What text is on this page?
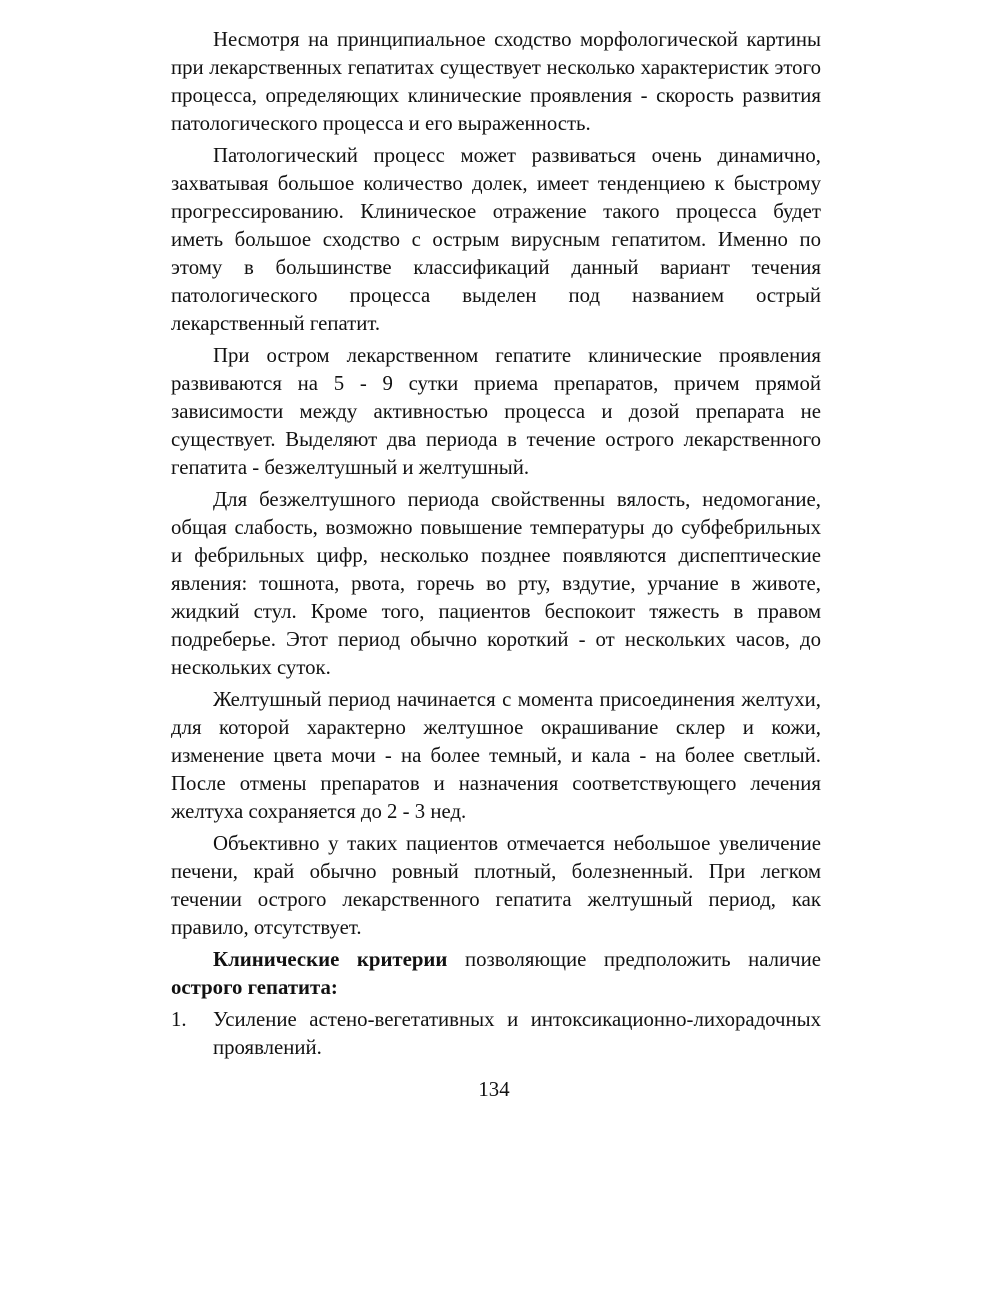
Несмотря на принципиальное сходство морфологической картины при лекарственных гепатитах существует несколько характеристик этого процесса, определяющих клинические проявления - скорость развития патологического процесса и его выраженность.

Патологический процесс может развиваться очень динамично, захватывая большое количество долек, имеет тенденциею к быстрому прогрессированию. Клиническое отражение такого процесса будет иметь большое сходство с острым вирусным гепатитом. Именно по этому в большинстве классификаций данный вариант течения патологического процесса выделен под названием острый лекарственный гепатит.

При остром лекарственном гепатите клинические проявления развиваются на 5 - 9 сутки приема препаратов, причем прямой зависимости между активностью процесса и дозой препарата не существует. Выделяют два периода в течение острого лекарственного гепатита - безжелтушный и желтушный.

Для безжелтушного периода свойственны вялость, недомогание, общая слабость, возможно повышение температуры до субфебрильных и фебрильных цифр, несколько позднее появляются диспептические явления: тошнота, рвота, горечь во рту, вздутие, урчание в животе, жидкий стул. Кроме того, пациентов беспокоит тяжесть в правом подреберье. Этот период обычно короткий - от нескольких часов, до нескольких суток.

Желтушный период начинается с момента присоединения желтухи, для которой характерно желтушное окрашивание склер и кожи, изменение цвета мочи - на более темный, и кала - на более светлый. После отмены препаратов и назначения соответствующего лечения желтуха сохраняется до 2 - 3 нед.

Объективно у таких пациентов отмечается небольшое увеличение печени, край обычно ровный плотный, болезненный. При легком течении острого лекарственного гепатита желтушный период, как правило, отсутствует.

Клинические критерии позволяющие предположить наличие острого гепатита:

1. Усиление астено-вегетативных и интоксикационно-лихорадочных проявлений.
134
